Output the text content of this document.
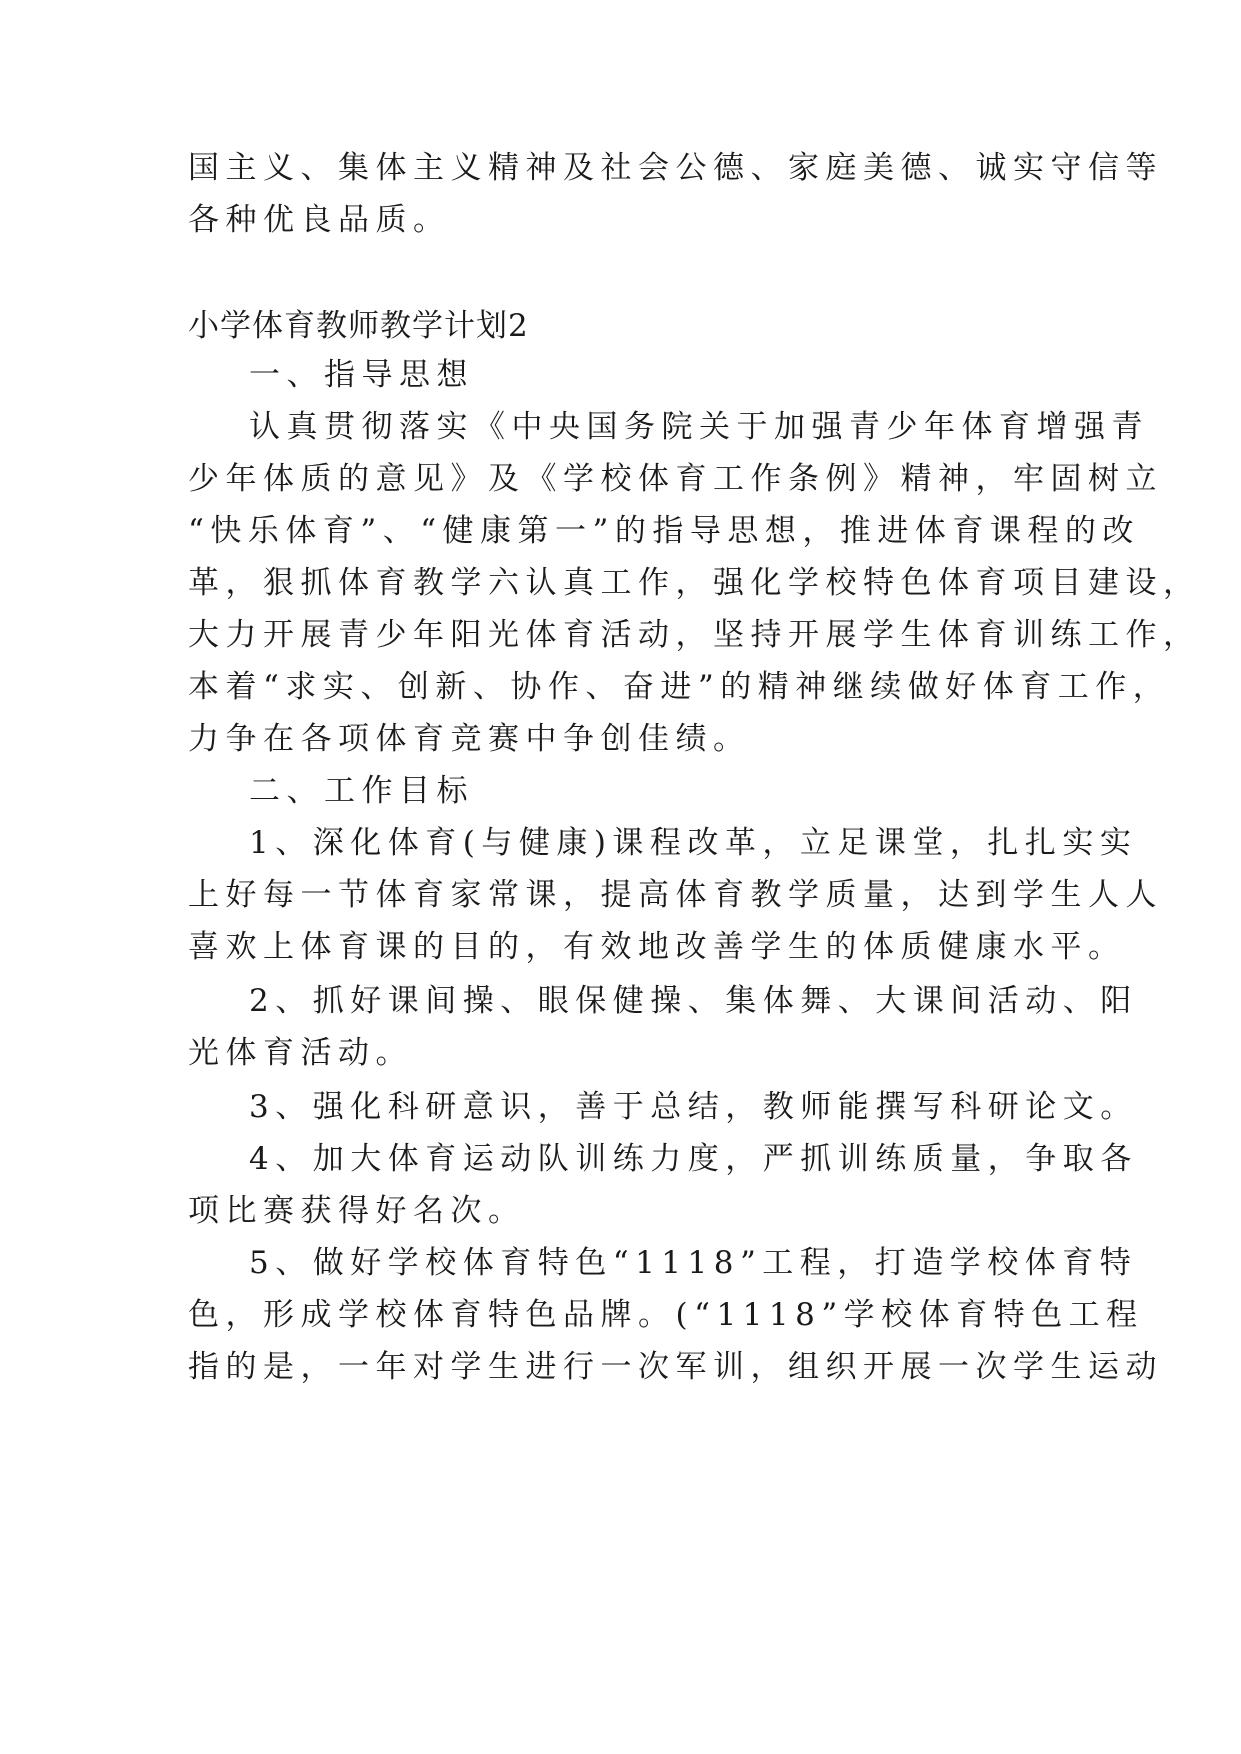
国主义、集体主义精神及社会公德、家庭美德、诚实守信等
各种优良品质。
小学体育教师教学计划2
一、指导思想
认真贯彻落实《中央国务院关于加强青少年体育增强青
少年体质的意见》及《学校体育工作条例》精神，牢固树立
“快乐体育”、“健康第一”的指导思想，推进体育课程的改
革，狠抓体育教学六认真工作，强化学校特色体育项目建设，
大力开展青少年阳光体育活动，坚持开展学生体育训练工作，
本着“求实、创新、协作、奋进”的精神继续做好体育工作，
力争在各项体育竞赛中争创佳绩。
二、工作目标
1、深化体育(与健康)课程改革，立足课堂，扎扎实实
上好每一节体育家常课，提高体育教学质量，达到学生人人
喜欢上体育课的目的，有效地改善学生的体质健康水平。
2、抓好课间操、眼保健操、集体舞、大课间活动、阳
光体育活动。
3、强化科研意识，善于总结，教师能撰写科研论文。
4、加大体育运动队训练力度，严抓训练质量，争取各
项比赛获得好名次。
5、做好学校体育特色“1118”工程，打造学校体育特
色，形成学校体育特色品牌。(“1118”学校体育特色工程
指的是，一年对学生进行一次军训，组织开展一次学生运动
